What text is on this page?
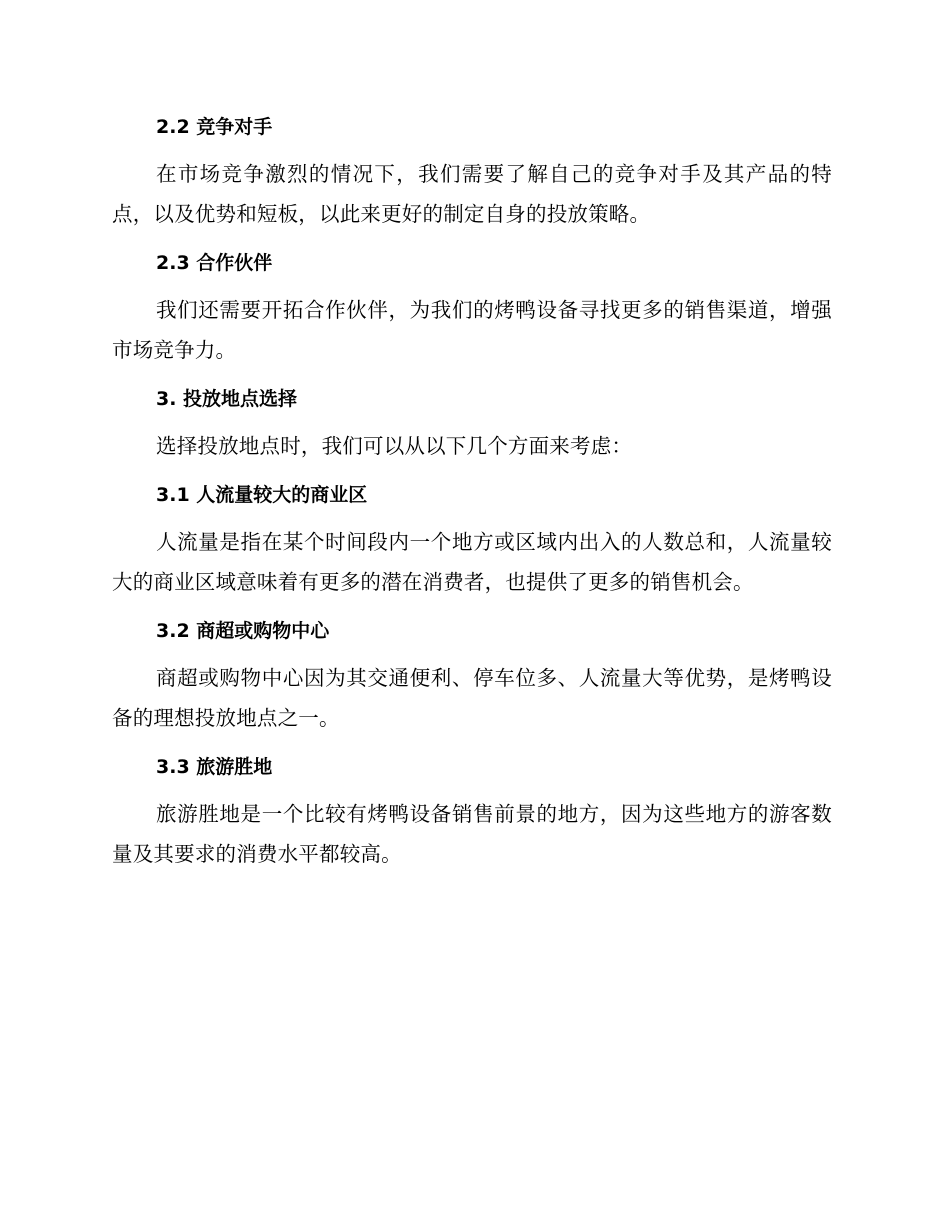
2.2 竞争对手

在市场竞争激烈的情况下，我们需要了解自己的竞争对手及其产品的特点，以及优势和短板，以此来更好的制定自身的投放策略。

2.3 合作伙伴

我们还需要开拓合作伙伴，为我们的烤鸭设备寻找更多的销售渠道，增强市场竞争力。

3. 投放地点选择

选择投放地点时，我们可以从以下几个方面来考虑：

3.1 人流量较大的商业区

人流量是指在某个时间段内一个地方或区域内出入的人数总和，人流量较大的商业区域意味着有更多的潜在消费者，也提供了更多的销售机会。

3.2 商超或购物中心

商超或购物中心因为其交通便利、停车位多、人流量大等优势，是烤鸭设备的理想投放地点之一。

3.3 旅游胜地

旅游胜地是一个比较有烤鸭设备销售前景的地方，因为这些地方的游客数量及其要求的消费水平都较高。
